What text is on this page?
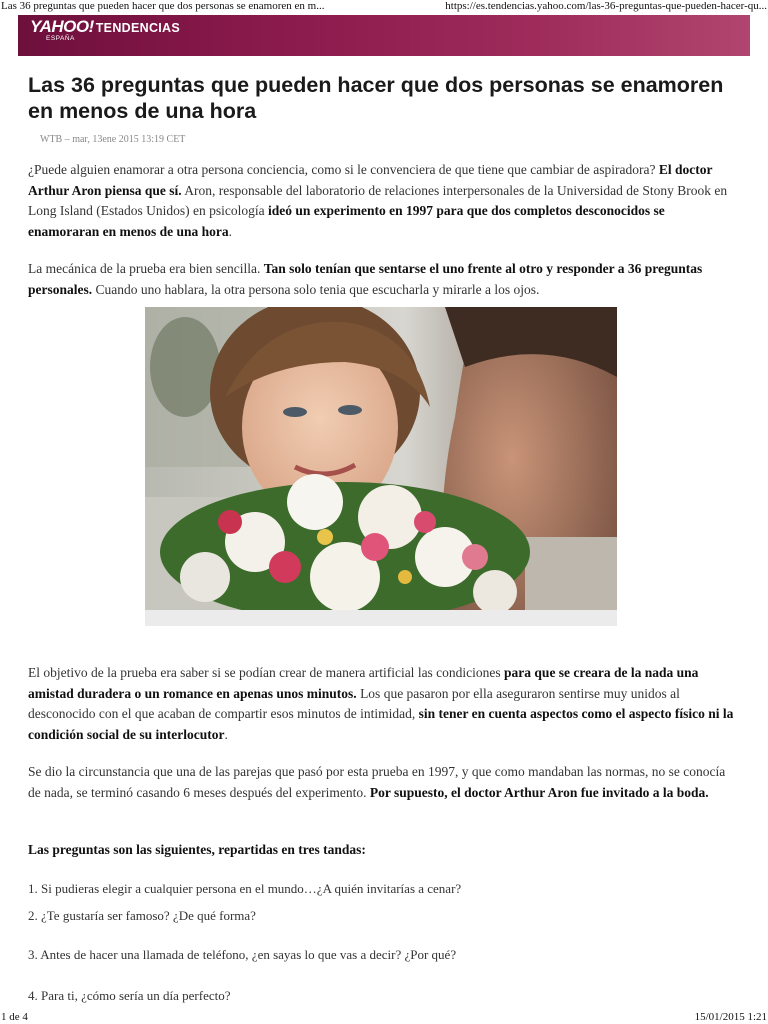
Las 36 preguntas que pueden hacer que dos personas se enamoren en m...	https://es.tendencias.yahoo.com/las-36-preguntas-que-pueden-hacer-qu...
YAHOO! TENDENCIAS
ESPAÑA
Las 36 preguntas que pueden hacer que dos personas se enamoren en menos de una hora
WTB – mar, 13ene 2015 13:19 CET

¿Puede alguien enamorar a otra persona conciencia, como si le convenciera de que tiene que cambiar de aspiradora? El doctor Arthur Aron piensa que sí. Aron, responsable del laboratorio de relaciones interpersonales de la Universidad de Stony Brook en Long Island (Estados Unidos) en psicología ideó un experimento en 1997 para que dos completos desconocidos se enamoraran en menos de una hora.

La mecánica de la prueba era bien sencilla. Tan solo tenían que sentarse el uno frente al otro y responder a 36 preguntas personales. Cuando uno hablara, la otra persona solo tenia que escucharla y mirarle a los ojos.

El objetivo de la prueba era saber si se podían crear de manera artificial las condiciones para que se creara de la nada una amistad duradera o un romance en apenas unos minutos. Los que pasaron por ella aseguraron sentirse muy unidos al desconocido con el que acaban de compartir esos minutos de intimidad, sin tener en cuenta aspectos como el aspecto físico ni la condición social de su interlocutor.

Se dio la circunstancia que una de las parejas que pasó por esta prueba en 1997, y que como mandaban las normas, no se conocía de nada, se terminó casando 6 meses después del experimento. Por supuesto, el doctor Arthur Aron fue invitado a la boda.

Las preguntas son las siguientes, repartidas en tres tandas:

1. Si pudieras elegir a cualquier persona en el mundo…¿A quién invitarías a cenar?
2. ¿Te gustaría ser famoso? ¿De qué forma?
3. Antes de hacer una llamada de teléfono, ¿en sayas lo que vas a decir? ¿Por qué?
4. Para ti, ¿cómo sería un día perfecto?
1 de 4	15/01/2015 1:21
